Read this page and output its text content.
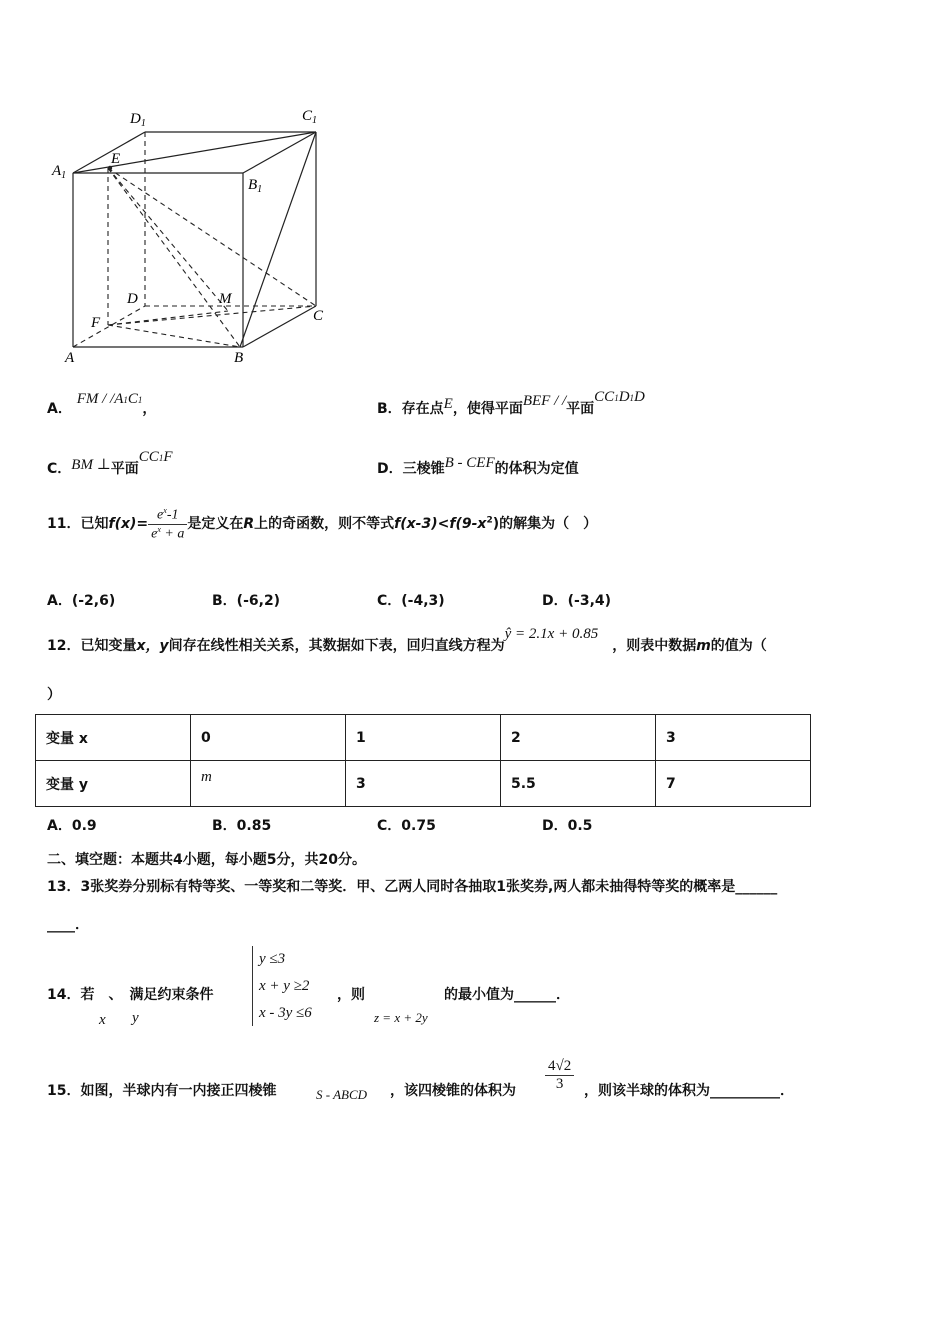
$D_1$	$C_1$
$A_1$
$B_1$
E
D	M
F	C
A	B
A． FM / $/A^1C^1$，	B．存在点E，使得平面BEF / /平面$CC^1D^1D$
C．BM ⊥平面$CC^1F$
D．三棱锥B - CEF的体积为定值
11．已知$f(x)= \frac{e^x-1}{e^x + a}$ 是定义在R上的奇函数，则不等式$f(x-3)<f(9-x^2)$的解集为（　）
A．(-2,6)	B．(-6,2)	C．(-4,3)	D．(-3,4)
12．已知变量x，y间存在线性相关关系，其数据如下表，回归直线方程为ŷ = 2.1x + 0.85，则表中数据m的值为（
）
变量 x	0	1	2	3
变量 y	m	3	5.5	7
A．0.9	B．0.85	C．0.75	D．0.5
二、填空题：本题共4小题，每小题5分，共20分。
13．3张奖券分别标有特等奖、一等奖和二等奖．甲、乙两人同时各抽取1张奖券,两人都未抽得特等奖的概率是______
____．
14．若　、　满足约束条件
x y
y ≤3
x + y ≥2
x - 3y ≤6
，则
z = x + 2y
的最小值为______．
15．如图，半球内有一内接正四棱锥	S - ABCD ，该四棱锥的体积为 $\frac{4√2}{3}$ ，则该半球的体积为__________．
